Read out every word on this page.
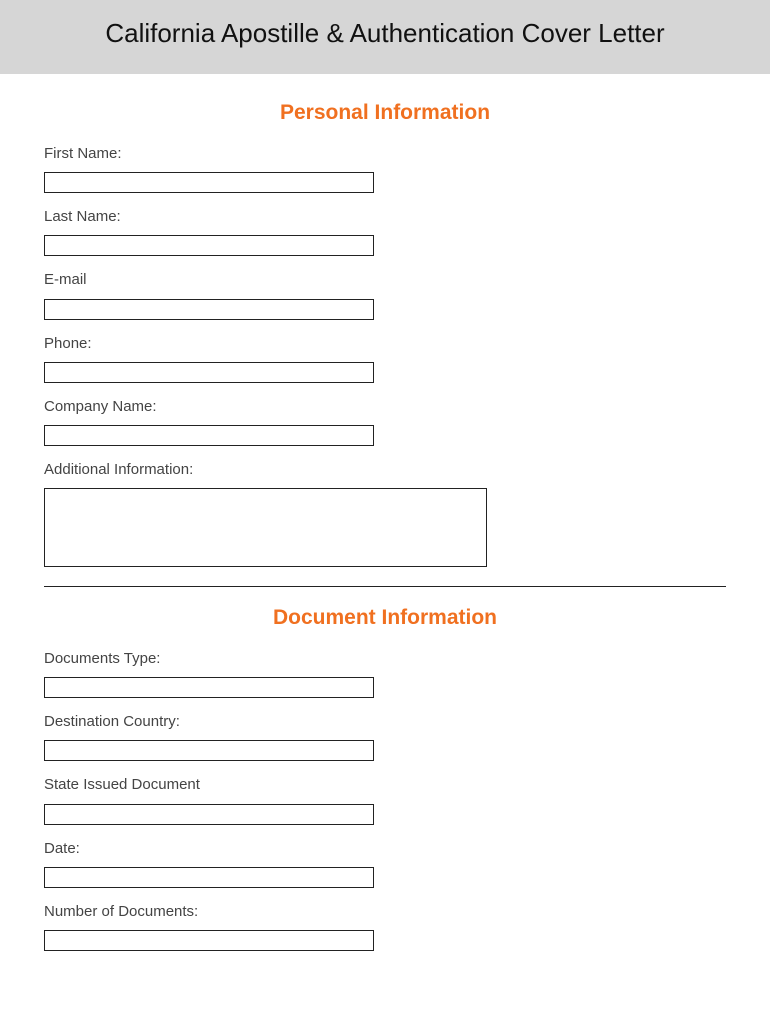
California Apostille & Authentication Cover Letter
Personal Information
First Name:
Last Name:
E-mail
Phone:
Company Name:
Additional Information:
Document Information
Documents Type:
Destination Country:
State Issued Document
Date:
Number of Documents:
